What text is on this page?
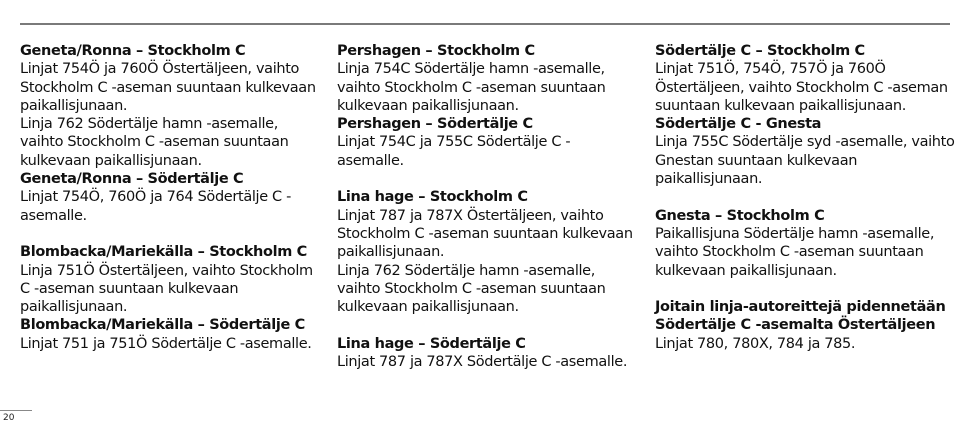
Geneta/Ronna – Stockholm C
Linjat 754Ö ja 760Ö Östertäljeen, vaihto Stockholm C -aseman suuntaan kulkevaan paikallisjunaan.
Linja 762 Södertälje hamn -asemalle, vaihto Stockholm C -aseman suuntaan kulkevaan paikallisjunaan.
Geneta/Ronna – Södertälje C
Linjat 754Ö, 760Ö ja 764 Södertälje C -asemalle.
Blombacka/Mariekälla – Stockholm C
Linja 751Ö Östertäljeen, vaihto Stockholm C -aseman suuntaan kulkevaan paikallisjunaan.
Blombacka/Mariekälla – Södertälje C
Linjat 751 ja 751Ö Södertälje C -asemalle.
Pershagen – Stockholm C
Linja 754C Södertälje hamn -asemalle, vaihto Stockholm C -aseman suuntaan kulkevaan paikallisjunaan.
Pershagen – Södertälje C
Linjat 754C ja 755C Södertälje C -asemalle.
Lina hage – Stockholm C
Linjat 787 ja 787X Östertäljeen, vaihto Stockholm C -aseman suuntaan kulkevaan paikallisjunaan.
Linja 762 Södertälje hamn -asemalle, vaihto Stockholm C -aseman suuntaan kulkevaan paikallisjunaan.
Lina hage – Södertälje C
Linjat 787 ja 787X Södertälje C -asemalle.
Södertälje C – Stockholm C
Linjat 751Ö, 754Ö, 757Ö ja 760Ö Östertäljeen, vaihto Stockholm C -aseman suuntaan kulkevaan paikallisjunaan.
Södertälje C - Gnesta
Linja 755C Södertälje syd -asemalle, vaihto Gnestan suuntaan kulkevaan paikallisjunaan.
Gnesta – Stockholm C
Paikallisjuna Södertälje hamn -asemalle, vaihto Stockholm C -aseman suuntaan kulkevaan paikallisjunaan.
Joitain linja-autoreittejä pidennetään
Södertälje C -asemalta Östertäljeen
Linjat 780, 780X, 784 ja 785.
20
